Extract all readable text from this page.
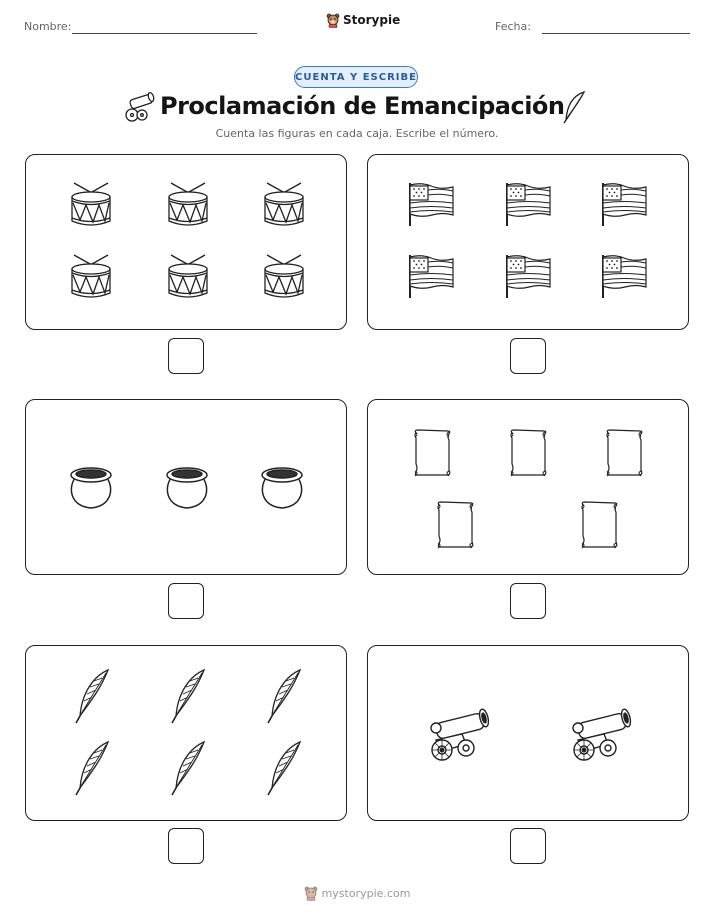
Nombre:	Storypie	Fecha:
CUENTA Y ESCRIBE
Proclamación de Emancipación
Cuenta las figuras en cada caja. Escribe el número.
mystorypie.com
